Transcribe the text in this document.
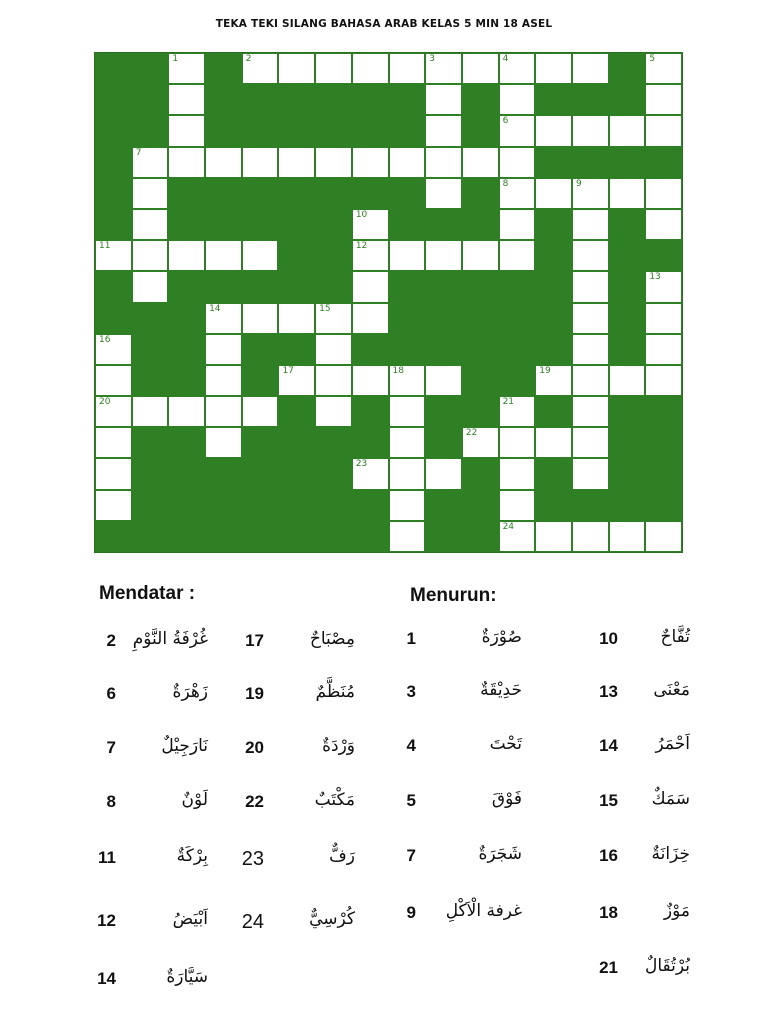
TEKA TEKI SILANG BAHASA ARAB KELAS 5 MIN 18 ASEL
1	2	3	4	5
6
7
8	9
10
11	12
13
14	15
16
17	18	19
20	21
22
23
24
Mendatar :	Menurun:
2 غُرْفَةُ النَّوْمِ
6	زَهْرَةٌ
7	نَارَجِيْلٌ
8	لَوْنٌ
11	بِرْكَةٌ
12	اَبْيَضُ
14	سَيَّارَةٌ
17	مِصْبَاحٌ
19	مُنَظَّمٌ
20	وَرْدَةٌ
22	مَكْتَبٌ
23	رَفٌّ
24	كُرْسِيٌّ
1	صُوْرَةٌ
3	حَدِيْقَةٌ
4	تَحْتَ
5	فَوْقَ
7	شَجَرَةٌ
9	غرفة الْاَكْلِ
10	تُفَّاحٌ
13	مَعْنَى
14	اَحْمَرُ
15	سَمَكٌ
16	خِزَانَةٌ
18	مَوْزٌ
21	بُرْتُقَالٌ
